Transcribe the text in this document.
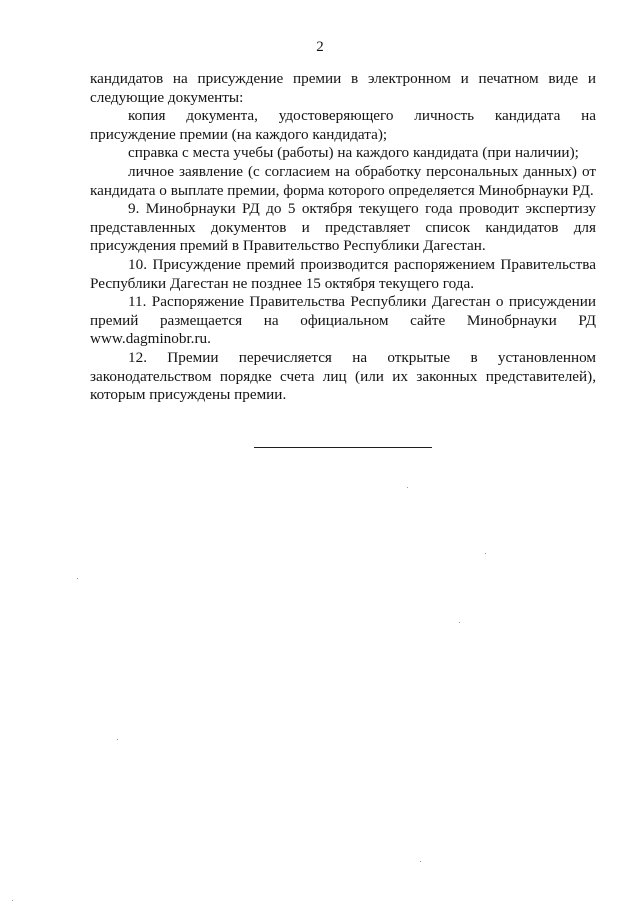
2

кандидатов на присуждение премии в электронном и печатном виде и следующие документы:

копия документа, удостоверяющего личность кандидата на присуждение премии (на каждого кандидата);

справка с места учебы (работы) на каждого кандидата (при наличии);

личное заявление (с согласием на обработку персональных данных) от кандидата о выплате премии, форма которого определяется Минобрнауки РД.

9. Минобрнауки РД до 5 октября текущего года проводит экспертизу представленных документов и представляет список кандидатов для присуждения премий в Правительство Республики Дагестан.

10. Присуждение премий производится распоряжением Правительства Республики Дагестан не позднее 15 октября текущего года.

11. Распоряжение Правительства Республики Дагестан о присуждении премий размещается на официальном сайте Минобрнауки РД www.dagminobr.ru.

12. Премии перечисляется на открытые в установленном законодательством порядке счета лиц (или их законных представителей), которым присуждены премии.
